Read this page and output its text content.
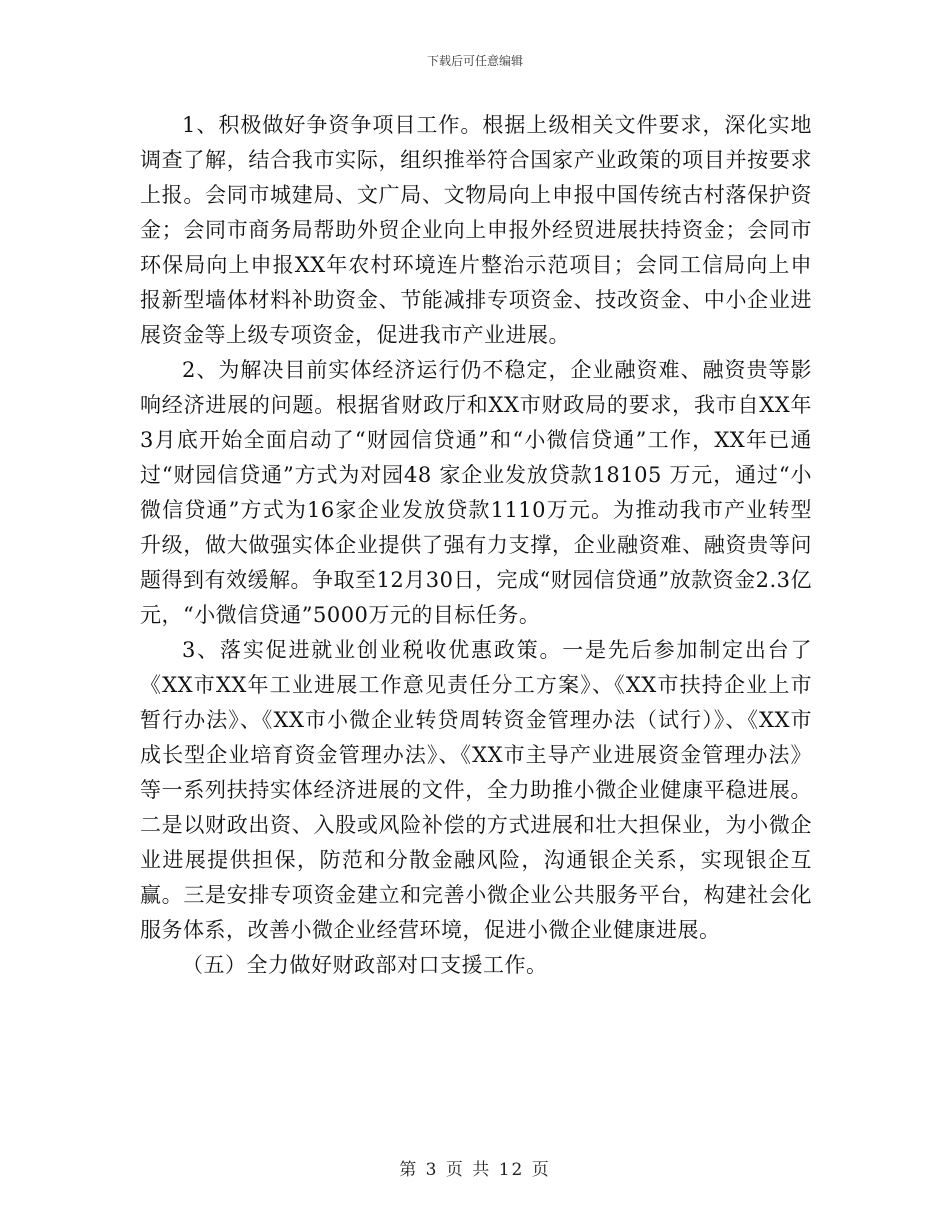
下载后可任意编辑

1、积极做好争资争项目工作。根据上级相关文件要求，深化实地调查了解，结合我市实际，组织推举符合国家产业政策的项目并按要求上报。会同市城建局、文广局、文物局向上申报中国传统古村落保护资金；会同市商务局帮助外贸企业向上申报外经贸进展扶持资金；会同市环保局向上申报XX年农村环境连片整治示范项目；会同工信局向上申报新型墙体材料补助资金、节能减排专项资金、技改资金、中小企业进展资金等上级专项资金，促进我市产业进展。

2、为解决目前实体经济运行仍不稳定，企业融资难、融资贵等影响经济进展的问题。根据省财政厅和XX市财政局的要求，我市自XX年3月底开始全面启动了“财园信贷通”和“小微信贷通”工作，XX年已通过“财园信贷通”方式为对园48 家企业发放贷款18105 万元，通过“小微信贷通”方式为16家企业发放贷款1110万元。为推动我市产业转型升级，做大做强实体企业提供了强有力支撑，企业融资难、融资贵等问题得到有效缓解。争取至12月30日，完成“财园信贷通”放款资金2.3亿元，“小微信贷通”5000万元的目标任务。

3、落实促进就业创业税收优惠政策。一是先后参加制定出台了《XX市XX年工业进展工作意见责任分工方案》、《XX市扶持企业上市暂行办法》、《XX市小微企业转贷周转资金管理办法（试行）》、《XX市成长型企业培育资金管理办法》、《XX市主导产业进展资金管理办法》等一系列扶持实体经济进展的文件，全力助推小微企业健康平稳进展。二是以财政出资、入股或风险补偿的方式进展和壮大担保业，为小微企业进展提供担保，防范和分散金融风险，沟通银企关系，实现银企互赢。三是安排专项资金建立和完善小微企业公共服务平台，构建社会化服务体系，改善小微企业经营环境，促进小微企业健康进展。

（五）全力做好财政部对口支援工作。

第 3 页 共 12 页
